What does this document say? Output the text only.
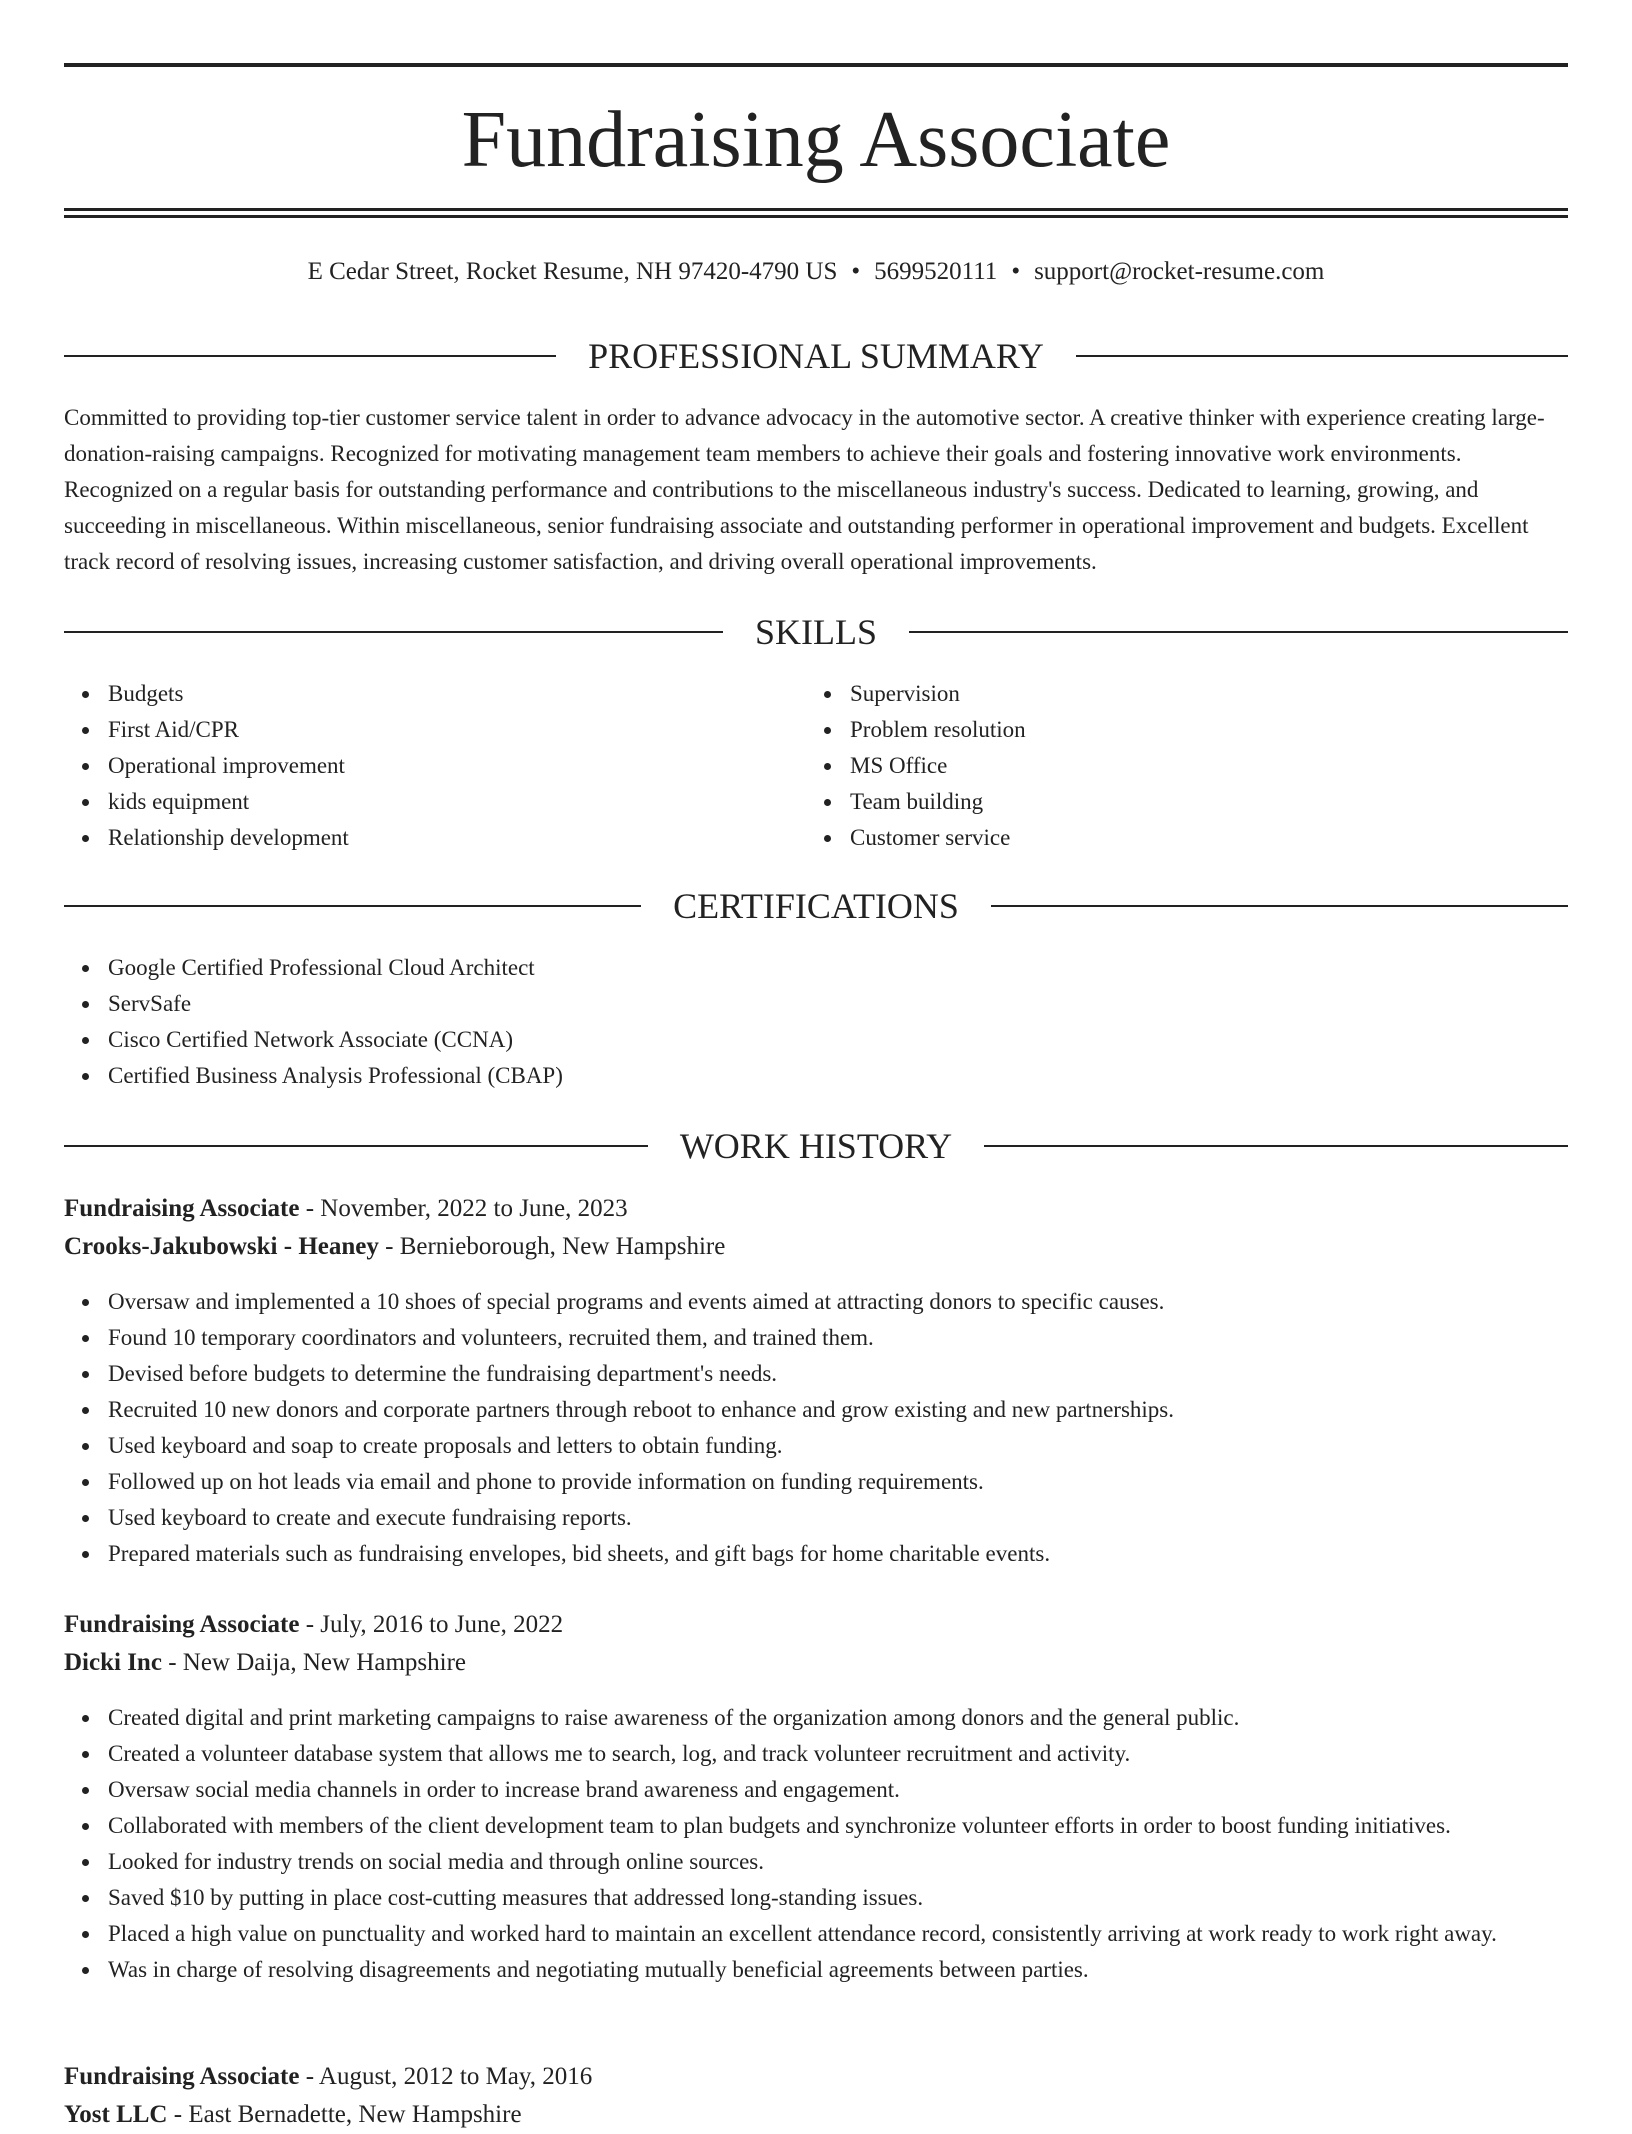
Fundraising Associate
E Cedar Street, Rocket Resume, NH 97420-4790 US • 5699520111 • support@rocket-resume.com
PROFESSIONAL SUMMARY
Committed to providing top-tier customer service talent in order to advance advocacy in the automotive sector. A creative thinker with experience creating large-donation-raising campaigns. Recognized for motivating management team members to achieve their goals and fostering innovative work environments. Recognized on a regular basis for outstanding performance and contributions to the miscellaneous industry's success. Dedicated to learning, growing, and succeeding in miscellaneous. Within miscellaneous, senior fundraising associate and outstanding performer in operational improvement and budgets. Excellent track record of resolving issues, increasing customer satisfaction, and driving overall operational improvements.
SKILLS
Budgets
First Aid/CPR
Operational improvement
kids equipment
Relationship development
Supervision
Problem resolution
MS Office
Team building
Customer service
CERTIFICATIONS
Google Certified Professional Cloud Architect
ServSafe
Cisco Certified Network Associate (CCNA)
Certified Business Analysis Professional (CBAP)
WORK HISTORY
Fundraising Associate - November, 2022 to June, 2023
Crooks-Jakubowski - Heaney - Bernieborough, New Hampshire
Oversaw and implemented a 10 shoes of special programs and events aimed at attracting donors to specific causes.
Found 10 temporary coordinators and volunteers, recruited them, and trained them.
Devised before budgets to determine the fundraising department's needs.
Recruited 10 new donors and corporate partners through reboot to enhance and grow existing and new partnerships.
Used keyboard and soap to create proposals and letters to obtain funding.
Followed up on hot leads via email and phone to provide information on funding requirements.
Used keyboard to create and execute fundraising reports.
Prepared materials such as fundraising envelopes, bid sheets, and gift bags for home charitable events.
Fundraising Associate - July, 2016 to June, 2022
Dicki Inc - New Daija, New Hampshire
Created digital and print marketing campaigns to raise awareness of the organization among donors and the general public.
Created a volunteer database system that allows me to search, log, and track volunteer recruitment and activity.
Oversaw social media channels in order to increase brand awareness and engagement.
Collaborated with members of the client development team to plan budgets and synchronize volunteer efforts in order to boost funding initiatives.
Looked for industry trends on social media and through online sources.
Saved $10 by putting in place cost-cutting measures that addressed long-standing issues.
Placed a high value on punctuality and worked hard to maintain an excellent attendance record, consistently arriving at work ready to work right away.
Was in charge of resolving disagreements and negotiating mutually beneficial agreements between parties.
Fundraising Associate - August, 2012 to May, 2016
Yost LLC - East Bernadette, New Hampshire
